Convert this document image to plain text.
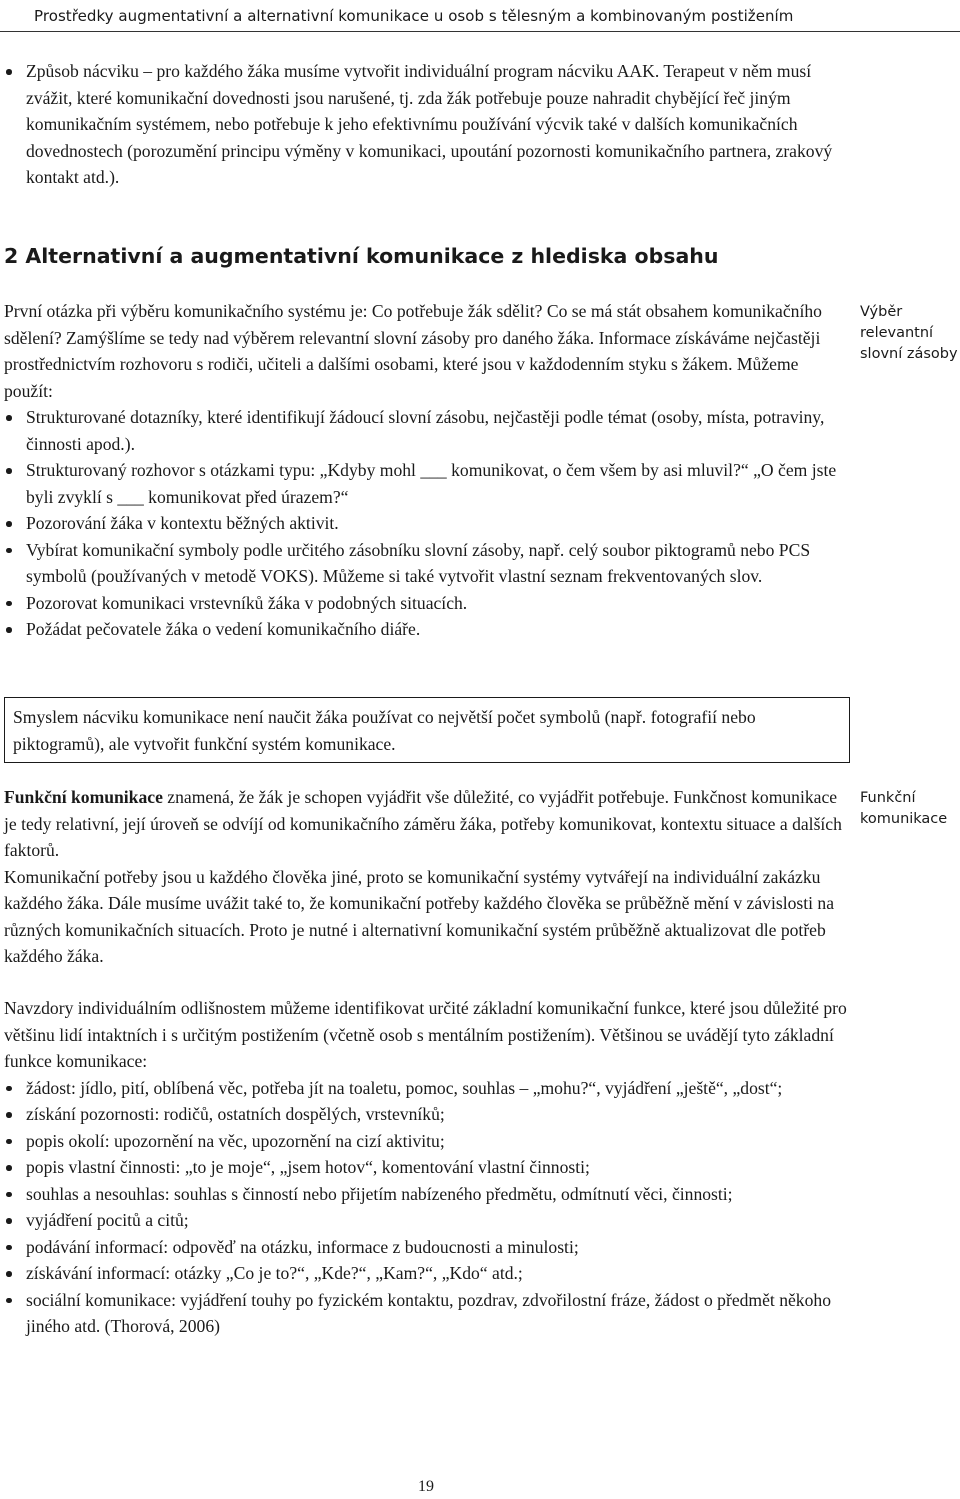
Prostředky augmentativní a alternativní komunikace u osob s tělesným a kombinovaným postižením
Způsob nácviku – pro každého žáka musíme vytvořit individuální program nácviku AAK. Terapeut v něm musí zvážit, které komunikační dovednosti jsou narušené, tj. zda žák potřebuje pouze nahradit chybějící řeč jiným komunikačním systémem, nebo potřebuje k jeho efektivnímu používání výcvik také v dalších komunikačních dovednostech (porozumění principu výměny v komunikaci, upoutání pozornosti komunikačního partnera, zrakový kontakt atd.).
2 Alternativní a augmentativní komunikace z hlediska obsahu

První otázka při výběru komunikačního systému je: Co potřebuje žák sdělit? Co se má stát obsahem komunikačního sdělení? Zamýšlíme se tedy nad výběrem relevantní slovní zásoby pro daného žáka. Informace získáváme nejčastěji prostřednictvím rozhovoru s rodiči, učiteli a dalšími osobami, které jsou v každodenním styku s žákem. Můžeme použít:

Strukturované dotazníky, které identifikují žádoucí slovní zásobu, nejčastěji podle témat (osoby, místa, potraviny, činnosti apod.).
Strukturovaný rozhovor s otázkami typu: „Kdyby mohl ___ komunikovat, o čem všem by asi mluvil?“ „O čem jste byli zvyklí s ___ komunikovat před úrazem?“
Pozorování žáka v kontextu běžných aktivit.
Vybírat komunikační symboly podle určitého zásobníku slovní zásoby, např. celý soubor piktogramů nebo PCS symbolů (používaných v metodě VOKS). Můžeme si také vytvořit vlastní seznam frekventovaných slov.
Pozorovat komunikaci vrstevníků žáka v podobných situacích.
Požádat pečovatele žáka o vedení komunikačního diáře.
Výběr relevantní slovní zásoby
Smyslem nácviku komunikace není naučit žáka používat co největší počet symbolů (např. fotografií nebo piktogramů), ale vytvořit funkční systém komunikace.

Funkční komunikace znamená, že žák je schopen vyjádřit vše důležité, co vyjádřit potřebuje. Funkčnost komunikace je tedy relativní, její úroveň se odvíjí od komunikačního záměru žáka, potřeby komunikovat, kontextu situace a dalších faktorů.

Komunikační potřeby jsou u každého člověka jiné, proto se komunikační systémy vytvářejí na individuální zakázku každého žáka. Dále musíme uvážit také to, že komunikační potřeby každého člověka se průběžně mění v závislosti na různých komunikačních situacích. Proto je nutné i alternativní komunikační systém průběžně aktualizovat dle potřeb každého žáka.

Funkční komunikace

Navzdory individuálním odlišnostem můžeme identifikovat určité základní komunikační funkce, které jsou důležité pro většinu lidí intaktních i s určitým postižením (včetně osob s mentálním postižením). Většinou se uvádějí tyto základní funkce komunikace:

žádost: jídlo, pití, oblíbená věc, potřeba jít na toaletu, pomoc, souhlas – „mohu?“, vyjádření „ještě“, „dost“;
získání pozornosti: rodičů, ostatních dospělých, vrstevníků;
popis okolí: upozornění na věc, upozornění na cizí aktivitu;
popis vlastní činnosti: „to je moje“, „jsem hotov“, komentování vlastní činnosti;
souhlas a nesouhlas: souhlas s činností nebo přijetím nabízeného předmětu, odmítnutí věci, činnosti;
vyjádření pocitů a citů;
podávání informací: odpověď na otázku, informace z budoucnosti a minulosti;
získávání informací: otázky „Co je to?“, „Kde?“, „Kam?“, „Kdo“ atd.;
sociální komunikace: vyjádření touhy po fyzickém kontaktu, pozdrav, zdvořilostní fráze, žádost o předmět někoho jiného atd. (Thorová, 2006)
19
